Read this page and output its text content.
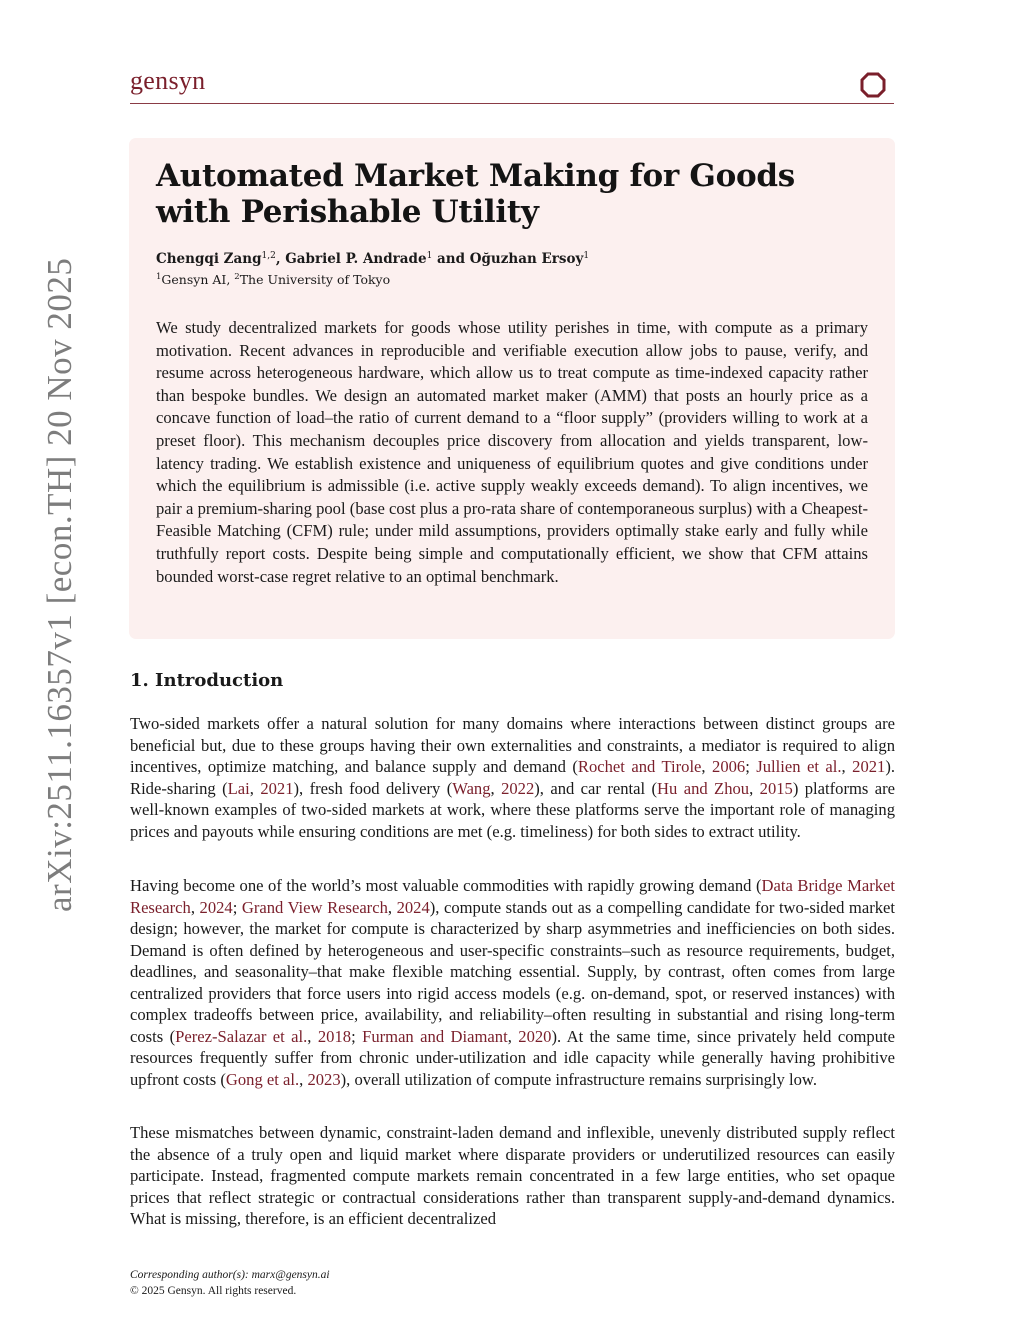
gensyn
arXiv:2511.16357v1 [econ.TH] 20 Nov 2025
Automated Market Making for Goods with Perishable Utility
Chengqi Zang$^{1,2}$, Gabriel P. Andrade$^1$ and Oğuzhan Ersoy$^1$
$^1$Gensyn AI, $^2$The University of Tokyo

We study decentralized markets for goods whose utility perishes in time, with compute as a primary motivation. Recent advances in reproducible and verifiable execution allow jobs to pause, verify, and resume across heterogeneous hardware, which allow us to treat compute as time-indexed capacity rather than bespoke bundles. We design an automated market maker (AMM) that posts an hourly price as a concave function of load–the ratio of current demand to a “floor supply” (providers willing to work at a preset floor). This mechanism decouples price discovery from allocation and yields transparent, low-latency trading. We establish existence and uniqueness of equilibrium quotes and give conditions under which the equilibrium is admissible (i.e. active supply weakly exceeds demand). To align incentives, we pair a premium-sharing pool (base cost plus a pro-rata share of contemporaneous surplus) with a Cheapest-Feasible Matching (CFM) rule; under mild assumptions, providers optimally stake early and fully while truthfully report costs. Despite being simple and computationally efficient, we show that CFM attains bounded worst-case regret relative to an optimal benchmark.

1. Introduction

Two-sided markets offer a natural solution for many domains where interactions between distinct groups are beneficial but, due to these groups having their own externalities and constraints, a mediator is required to align incentives, optimize matching, and balance supply and demand (Rochet and Tirole, 2006; Jullien et al., 2021). Ride-sharing (Lai, 2021), fresh food delivery (Wang, 2022), and car rental (Hu and Zhou, 2015) platforms are well-known examples of two-sided markets at work, where these platforms serve the important role of managing prices and payouts while ensuring conditions are met (e.g. timeliness) for both sides to extract utility.

Having become one of the world’s most valuable commodities with rapidly growing demand (Data Bridge Market Research, 2024; Grand View Research, 2024), compute stands out as a compelling candidate for two-sided market design; however, the market for compute is characterized by sharp asymmetries and inefficiencies on both sides. Demand is often defined by heterogeneous and user-specific constraints–such as resource requirements, budget, deadlines, and seasonality–that make flexible matching essential. Supply, by contrast, often comes from large centralized providers that force users into rigid access models (e.g. on-demand, spot, or reserved instances) with complex tradeoffs between price, availability, and reliability–often resulting in substantial and rising long-term costs (Perez-Salazar et al., 2018; Furman and Diamant, 2020). At the same time, since privately held compute resources frequently suffer from chronic under-utilization and idle capacity while generally having prohibitive upfront costs (Gong et al., 2023), overall utilization of compute infrastructure remains surprisingly low.

These mismatches between dynamic, constraint-laden demand and inflexible, unevenly distributed supply reflect the absence of a truly open and liquid market where disparate providers or underutilized resources can easily participate. Instead, fragmented compute markets remain concentrated in a few large entities, who set opaque prices that reflect strategic or contractual considerations rather than transparent supply-and-demand dynamics. What is missing, therefore, is an efficient decentralized

Corresponding author(s): marx@gensyn.ai
© 2025 Gensyn. All rights reserved.
